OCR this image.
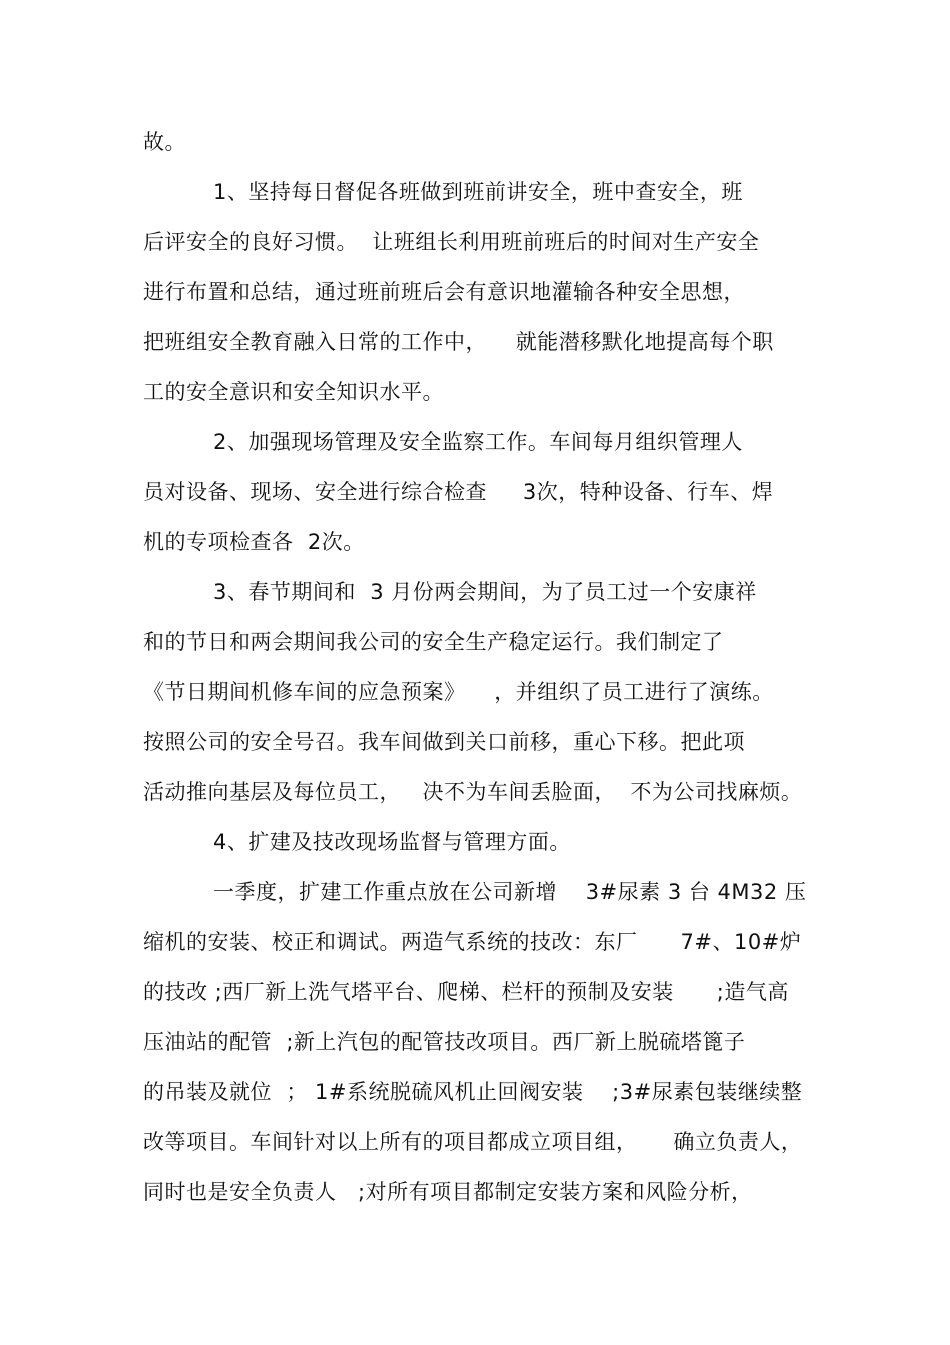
故。
1、坚持每日督促各班做到班前讲安全，班中查安全，班
后评安全的良好习惯。  让班组长利用班前班后的时间对生产安全
进行布置和总结，通过班前班后会有意识地灌输各种安全思想，
把班组安全教育融入日常的工作中，    就能潜移默化地提高每个职
工的安全意识和安全知识水平。
2、加强现场管理及安全监察工作。车间每月组织管理人
员对设备、现场、安全进行综合检查     3次，特种设备、行车、焊
机的专项检查各  2次。
3、春节期间和  3 月份两会期间，为了员工过一个安康祥
和的节日和两会期间我公司的安全生产稳定运行。我们制定了
《节日期间机修车间的应急预案》    ，并组织了员工进行了演练。
按照公司的安全号召。我车间做到关口前移，重心下移。把此项
活动推向基层及每位员工，   决不为车间丢脸面，  不为公司找麻烦。
4、扩建及技改现场监督与管理方面。
一季度，扩建工作重点放在公司新增    3#尿素 3 台 4M32 压
缩机的安装、校正和调试。两造气系统的技改：东厂      7#、10#炉
的技改 ;西厂新上洗气塔平台、爬梯、栏杆的预制及安装      ;造气高
压油站的配管  ;新上汽包的配管技改项目。西厂新上脱硫塔篦子
的吊装及就位  ； 1#系统脱硫风机止回阀安装    ;3#尿素包装继续整
改等项目。车间针对以上所有的项目都成立项目组，     确立负责人，
同时也是安全负责人   ;对所有项目都制定安装方案和风险分析，
